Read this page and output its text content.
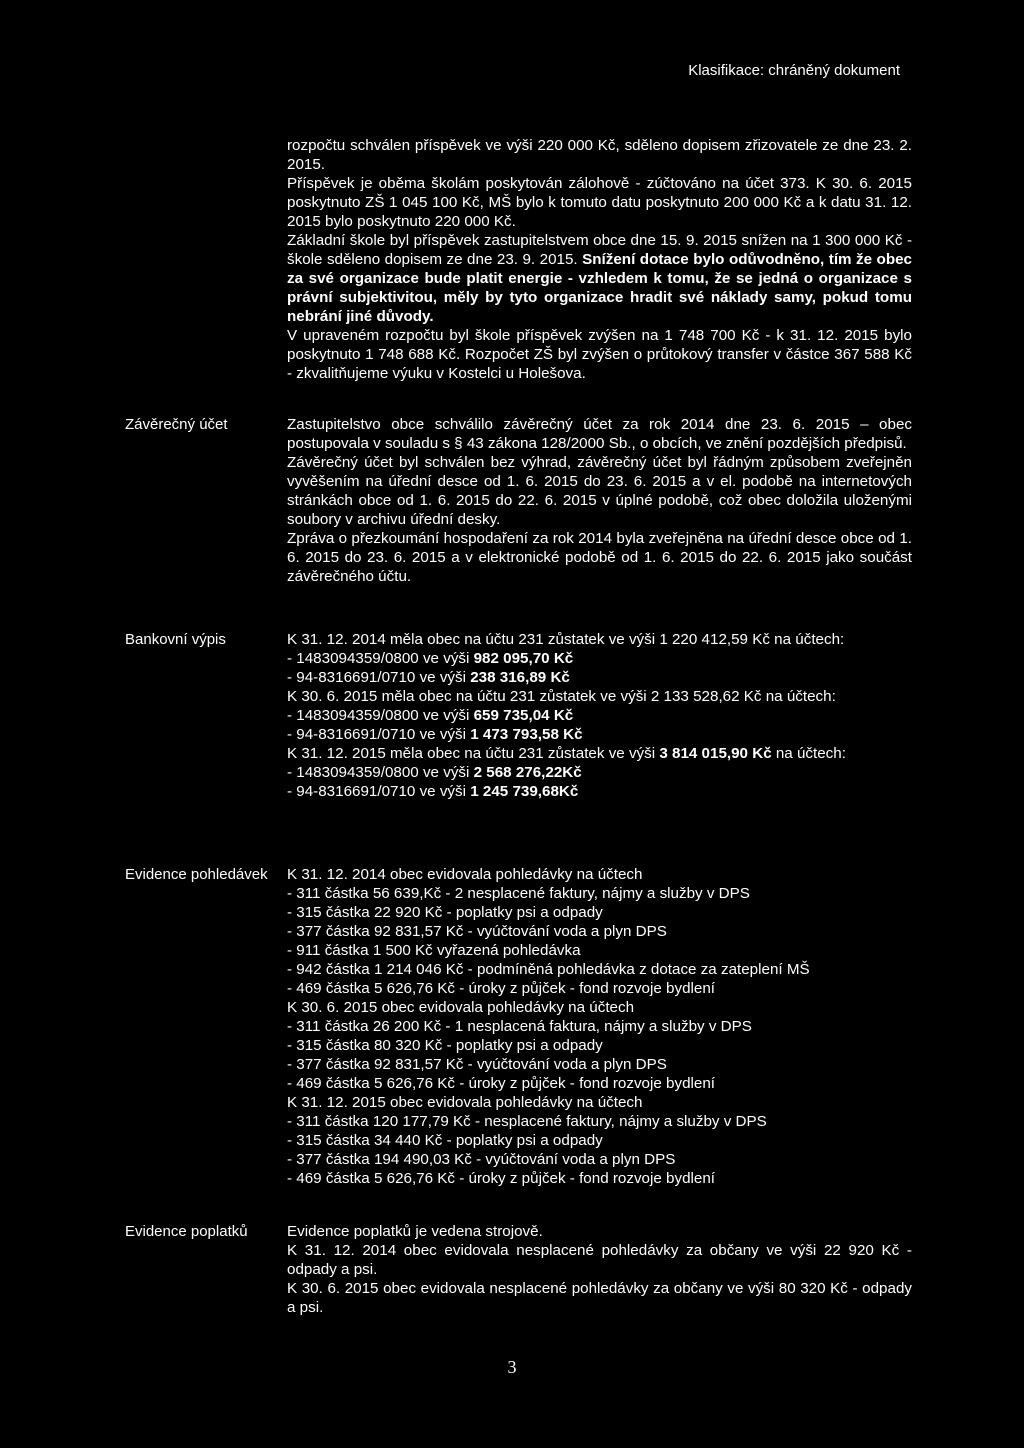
Klasifikace: chráněný dokument

rozpočtu schválen příspěvek ve výši 220 000 Kč, sděleno dopisem zřizovatele ze dne 23. 2. 2015.

Příspěvek je oběma školám poskytován zálohově - zúčtováno na účet 373. K 30. 6. 2015 poskytnuto ZŠ 1 045 100 Kč, MŠ bylo k tomuto datu poskytnuto 200 000 Kč a k datu 31. 12. 2015 bylo poskytnuto 220 000 Kč.

Základní škole byl příspěvek zastupitelstvem obce dne 15. 9. 2015 snížen na 1 300 000 Kč - škole sděleno dopisem ze dne 23. 9. 2015. Snížení dotace bylo odůvodněno, tím že obec za své organizace bude platit energie - vzhledem k tomu, že se jedná o organizace s právní subjektivitou, měly by tyto organizace hradit své náklady samy, pokud tomu nebrání jiné důvody.

V upraveném rozpočtu byl škole příspěvek zvýšen na 1 748 700 Kč - k 31. 12. 2015 bylo poskytnuto 1 748 688 Kč. Rozpočet ZŠ byl zvýšen o průtokový transfer v částce 367 588 Kč - zkvalitňujeme výuku v Kostelci u Holešova.

Závěrečný účet	Zastupitelstvo obce schválilo závěrečný účet za rok 2014 dne 23. 6. 2015 – obec postupovala v souladu s § 43 zákona 128/2000 Sb., o obcích, ve znění pozdějších předpisů.

Závěrečný účet byl schválen bez výhrad, závěrečný účet byl řádným způsobem zveřejněn vyvěšením na úřední desce od 1. 6. 2015 do 23. 6. 2015 a v el. podobě na internetových stránkách obce od 1. 6. 2015 do 22. 6. 2015 v úplné podobě, což obec doložila uloženými soubory v archivu úřední desky.

Zpráva o přezkoumání hospodaření za rok 2014 byla zveřejněna na úřední desce obce od 1. 6. 2015 do 23. 6. 2015 a v elektronické podobě od 1. 6. 2015 do 22. 6. 2015 jako součást závěrečného účtu.

Bankovní výpis	K 31. 12. 2014 měla obec na účtu 231 zůstatek ve výši 1 220 412,59 Kč na účtech:

- 1483094359/0800 ve výši 982 095,70 Kč
- 94-8316691/0710 ve výši 238 316,89 Kč

K 30. 6. 2015 měla obec na účtu 231 zůstatek ve výši 2 133 528,62 Kč na účtech:

- 1483094359/0800 ve výši 659 735,04 Kč
- 94-8316691/0710 ve výši 1 473 793,58 Kč

K 31. 12. 2015 měla obec na účtu 231 zůstatek ve výši 3 814 015,90 Kč na účtech:

- 1483094359/0800 ve výši 2 568 276,22Kč
- 94-8316691/0710 ve výši 1 245 739,68Kč
Evidence pohledávek	K 31. 12. 2014 obec evidovala pohledávky na účtech
- 311 částka 56 639,Kč - 2 nesplacené faktury, nájmy a služby v DPS
- 315 částka 22 920 Kč - poplatky psi a odpady
- 377 částka 92 831,57 Kč - vyúčtování voda a plyn DPS
- 911 částka 1 500 Kč vyřazená pohledávka
- 942 částka 1 214 046 Kč - podmíněná pohledávka z dotace za zateplení MŠ
- 469 částka 5 626,76 Kč - úroky z půjček - fond rozvoje bydlení
K 30. 6. 2015 obec evidovala pohledávky na účtech
- 311 částka 26 200 Kč - 1 nesplacená faktura, nájmy a služby v DPS
- 315 částka 80 320 Kč - poplatky psi a odpady
- 377 částka 92 831,57 Kč - vyúčtování voda a plyn DPS
- 469 částka 5 626,76 Kč - úroky z půjček - fond rozvoje bydlení
K 31. 12. 2015 obec evidovala pohledávky na účtech
- 311 částka 120 177,79 Kč - nesplacené faktury, nájmy a služby v DPS
- 315 částka 34 440 Kč - poplatky psi a odpady
- 377 částka 194 490,03 Kč - vyúčtování voda a plyn DPS
- 469 částka 5 626,76 Kč - úroky z půjček - fond rozvoje bydlení
Evidence poplatků	Evidence poplatků je vedena strojově.

K 31. 12. 2014 obec evidovala nesplacené pohledávky za občany ve výši 22 920 Kč - odpady a psi.

K 30. 6. 2015 obec evidovala nesplacené pohledávky za občany ve výši 80 320 Kč - odpady a psi.

3
